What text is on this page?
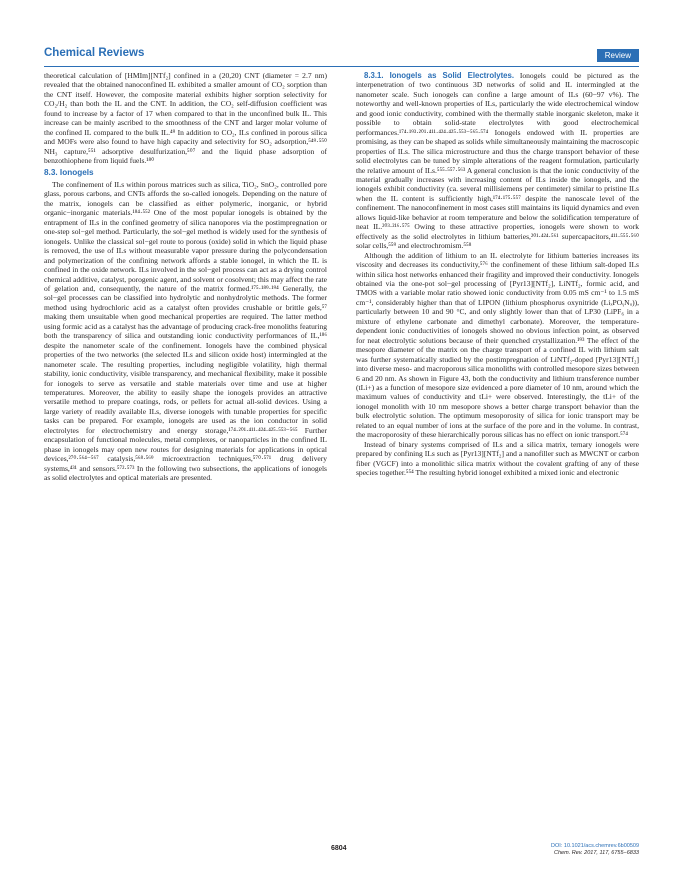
Chemical Reviews	Review

theoretical calculation of [HMIm][NTf₂] confined in a (20,20) CNT (diameter = 2.7 nm) revealed that the obtained nanoconfined IL exhibited a smaller amount of CO₂ sorption than the CNT itself. However, the composite material exhibits higher sorption selectivity for CO₂/H₂ than both the IL and the CNT. In addition, the CO₂ self-diffusion coefficient was found to increase by a factor of 17 when compared to that in the unconfined bulk IL. This increase can be mainly ascribed to the smoothness of the CNT and larger molar volume of the confined IL compared to the bulk IL.⁴⁹ In addition to CO₂, ILs confined in porous silica and MOFs were also found to have high capacity and selectivity for SO₂ adsorption,⁵⁴⁹·⁵⁵⁰ NH₃ capture,⁵⁵¹ adsorptive desulfurization,⁵⁰⁷ and the liquid phase adsorption of benzothiophene from liquid fuels.¹⁸⁰

8.3. Ionogels

The confinement of ILs within porous matrices such as silica, TiO₂, SnO₂, controlled pore glass, porous carbons, and CNTs affords the so-called ionogels. Depending on the nature of the matrix, ionogels can be classified as either polymeric, inorganic, or hybrid organic−inorganic materials.¹⁸⁴·⁵⁵² One of the most popular ionogels is obtained by the entrapment of ILs in the confined geometry of silica nanopores via the postimpregnation or one-step sol−gel method. Particularly, the sol−gel method is widely used for the synthesis of ionogels. Unlike the classical sol−gel route to porous (oxide) solid in which the liquid phase is removed, the use of ILs without measurable vapor pressure during the polycondensation and polymerization of the confining network affords a stable ionogel, in which the IL is confined in the oxide network. ILs involved in the sol−gel process can act as a drying control chemical additive, catalyst, porogenic agent, and solvent or cosolvent; this may affect the rate of gelation and, consequently, the nature of the matrix formed.¹⁷⁵·¹⁸⁹·¹⁹⁴ Generally, the sol−gel processes can be classified into hydrolytic and nonhydrolytic methods. The former method using hydrochloric acid as a catalyst often provides crushable or brittle gels,⁵⁷ making them unsuitable when good mechanical properties are required. The latter method using formic acid as a catalyst has the advantage of producing crack-free monoliths featuring both the transparency of silica and outstanding ionic conductivity performances of IL,¹⁸⁶ despite the nanometer scale of the confinement. Ionogels have the combined physical properties of the two networks (the selected ILs and silicon oxide host) intermingled at the nanometer scale. The resulting properties, including negligible volatility, high thermal stability, ionic conductivity, visible transparency, and mechanical flexibility, make it possible for ionogels to serve as versatile and stable materials over time and use at higher temperatures. Moreover, the ability to easily shape the ionogels provides an attractive versatile method to prepare coatings, rods, or pellets for actual all-solid devices. Using a large variety of readily available ILs, diverse ionogels with tunable properties for specific tasks can be prepared. For example, ionogels are used as the ion conductor in solid electrolytes for electrochemistry and energy storage,¹⁷⁴·²⁰¹·⁴¹¹·⁴²⁴·⁴²⁵·⁵⁵³⁻⁵⁶⁵ Further encapsulation of functional molecules, metal complexes, or nanoparticles in the confined IL phase in ionogels may open new routes for designing materials for applications in optical devices,²⁷⁰·⁵⁶⁴⁻⁵⁶⁷ catalysis,⁵⁶⁸·⁵⁶⁹ microextraction techniques,⁵⁷⁰·⁵⁷¹ drug delivery systems,⁴³¹ and sensors.⁵⁷²·⁵⁷³ In the following two subsections, the applications of ionogels as solid electrolytes and optical materials are presented.

8.3.1. Ionogels as Solid Electrolytes. Ionogels could be pictured as the interpenetration of two continuous 3D networks of solid and IL intermingled at the nanometer scale. Such ionogels can confine a large amount of ILs (60−97 v%). The noteworthy and well-known properties of ILs, particularly the wide electrochemical window and good ionic conductivity, combined with the thermally stable inorganic skeleton, make it possible to obtain solid-state electrolytes with good electrochemical performances.¹⁷⁴·¹⁹³·²⁰¹·⁴¹¹·⁴²⁴·⁴²⁵·⁵⁵³⁻⁵⁶⁵·⁵⁷⁴ Ionogels endowed with IL properties are promising, as they can be shaped as solids while simultaneously maintaining the macroscopic properties of ILs. The silica microstructure and thus the charge transport behavior of these solid electrolytes can be tuned by simple alterations of the reagent formulation, particularly the relative amount of ILs.⁵⁵⁵·⁵⁵⁷·⁵⁶³ A general conclusion is that the ionic conductivity of the material gradually increases with increasing content of ILs inside the ionogels, and the ionogels exhibit conductivity (ca. several millisiemens per centimeter) similar to pristine ILs when the IL content is sufficiently high,¹⁷⁴·¹⁷⁵·⁵⁵⁷ despite the nanoscale level of the confinement. The nanoconfinement in most cases still maintains its liquid dynamics and even allows liquid-like behavior at room temperature and below the solidification temperature of neat IL.²⁰³·²¹⁶·⁵⁷⁵ Owing to these attractive properties, ionogels were shown to work effectively as the solid electrolytes in lithium batteries,²⁰¹·⁴²⁴·⁵⁶¹ supercapacitors,⁴¹¹·⁵⁵⁵·⁵⁶⁰ solar cells,⁵⁵⁹ and electrochromism.⁵⁵⁸

Although the addition of lithium to an IL electrolyte for lithium batteries increases its viscosity and decreases its conductivity,⁵⁷⁶ the confinement of these lithium salt-doped ILs within silica host networks enhanced their fragility and improved their conductivity. Ionogels obtained via the one-pot sol−gel processing of [Pyr13][NTf₂], LiNTf₂, formic acid, and TMOS with a variable molar ratio showed ionic conductivity from 0.05 mS cm⁻¹ to 1.5 mS cm⁻¹, considerably higher than that of LIPON (lithium phosphorus oxynitride (LiₓPOᵧNᵤ)), particularly between 10 and 90 °C, and only slightly lower than that of LP30 (LiPF₆ in a mixture of ethylene carbonate and dimethyl carbonate). Moreover, the temperature-dependent ionic conductivities of ionogels showed no obvious infection point, as observed for neat electrolytic solutions because of their quenched crystallization.¹⁹³ The effect of the mesopore diameter of the matrix on the charge transport of a confined IL with lithium salt was further systematically studied by the postimpregnation of LiNTf₂-doped [Pyr13][NTf₂] into diverse meso- and macroporous silica monoliths with controlled mesopore sizes between 6 and 20 nm. As shown in Figure 43, both the conductivity and lithium transference number (tLi+) as a function of mesopore size evidenced a pore diameter of 10 nm, around which the maximum values of conductivity and tLi+ were observed. Interestingly, the tLi+ of the ionogel monolith with 10 nm mesopore shows a better charge transport behavior than the bulk electrolytic solution. The optimum mesoporosity of silica for ionic transport may be related to an equal number of ions at the surface of the pore and in the volume. In contrast, the macroporosity of these hierarchically porous silicas has no effect on ionic transport.⁵⁷⁴

Instead of binary systems comprised of ILs and a silica matrix, ternary ionogels were prepared by confining ILs such as [Pyr13][NTf₂] and a nanofiller such as MWCNT or carbon fiber (VGCF) into a monolithic silica matrix without the covalent grafting of any of these species together.⁵⁵⁴ The resulting hybrid ionogel exhibited a mixed ionic and electronic

6804	DOI: 10.1021/acs.chemrev.6b00509
Chem. Rev. 2017, 117, 6755−6833
